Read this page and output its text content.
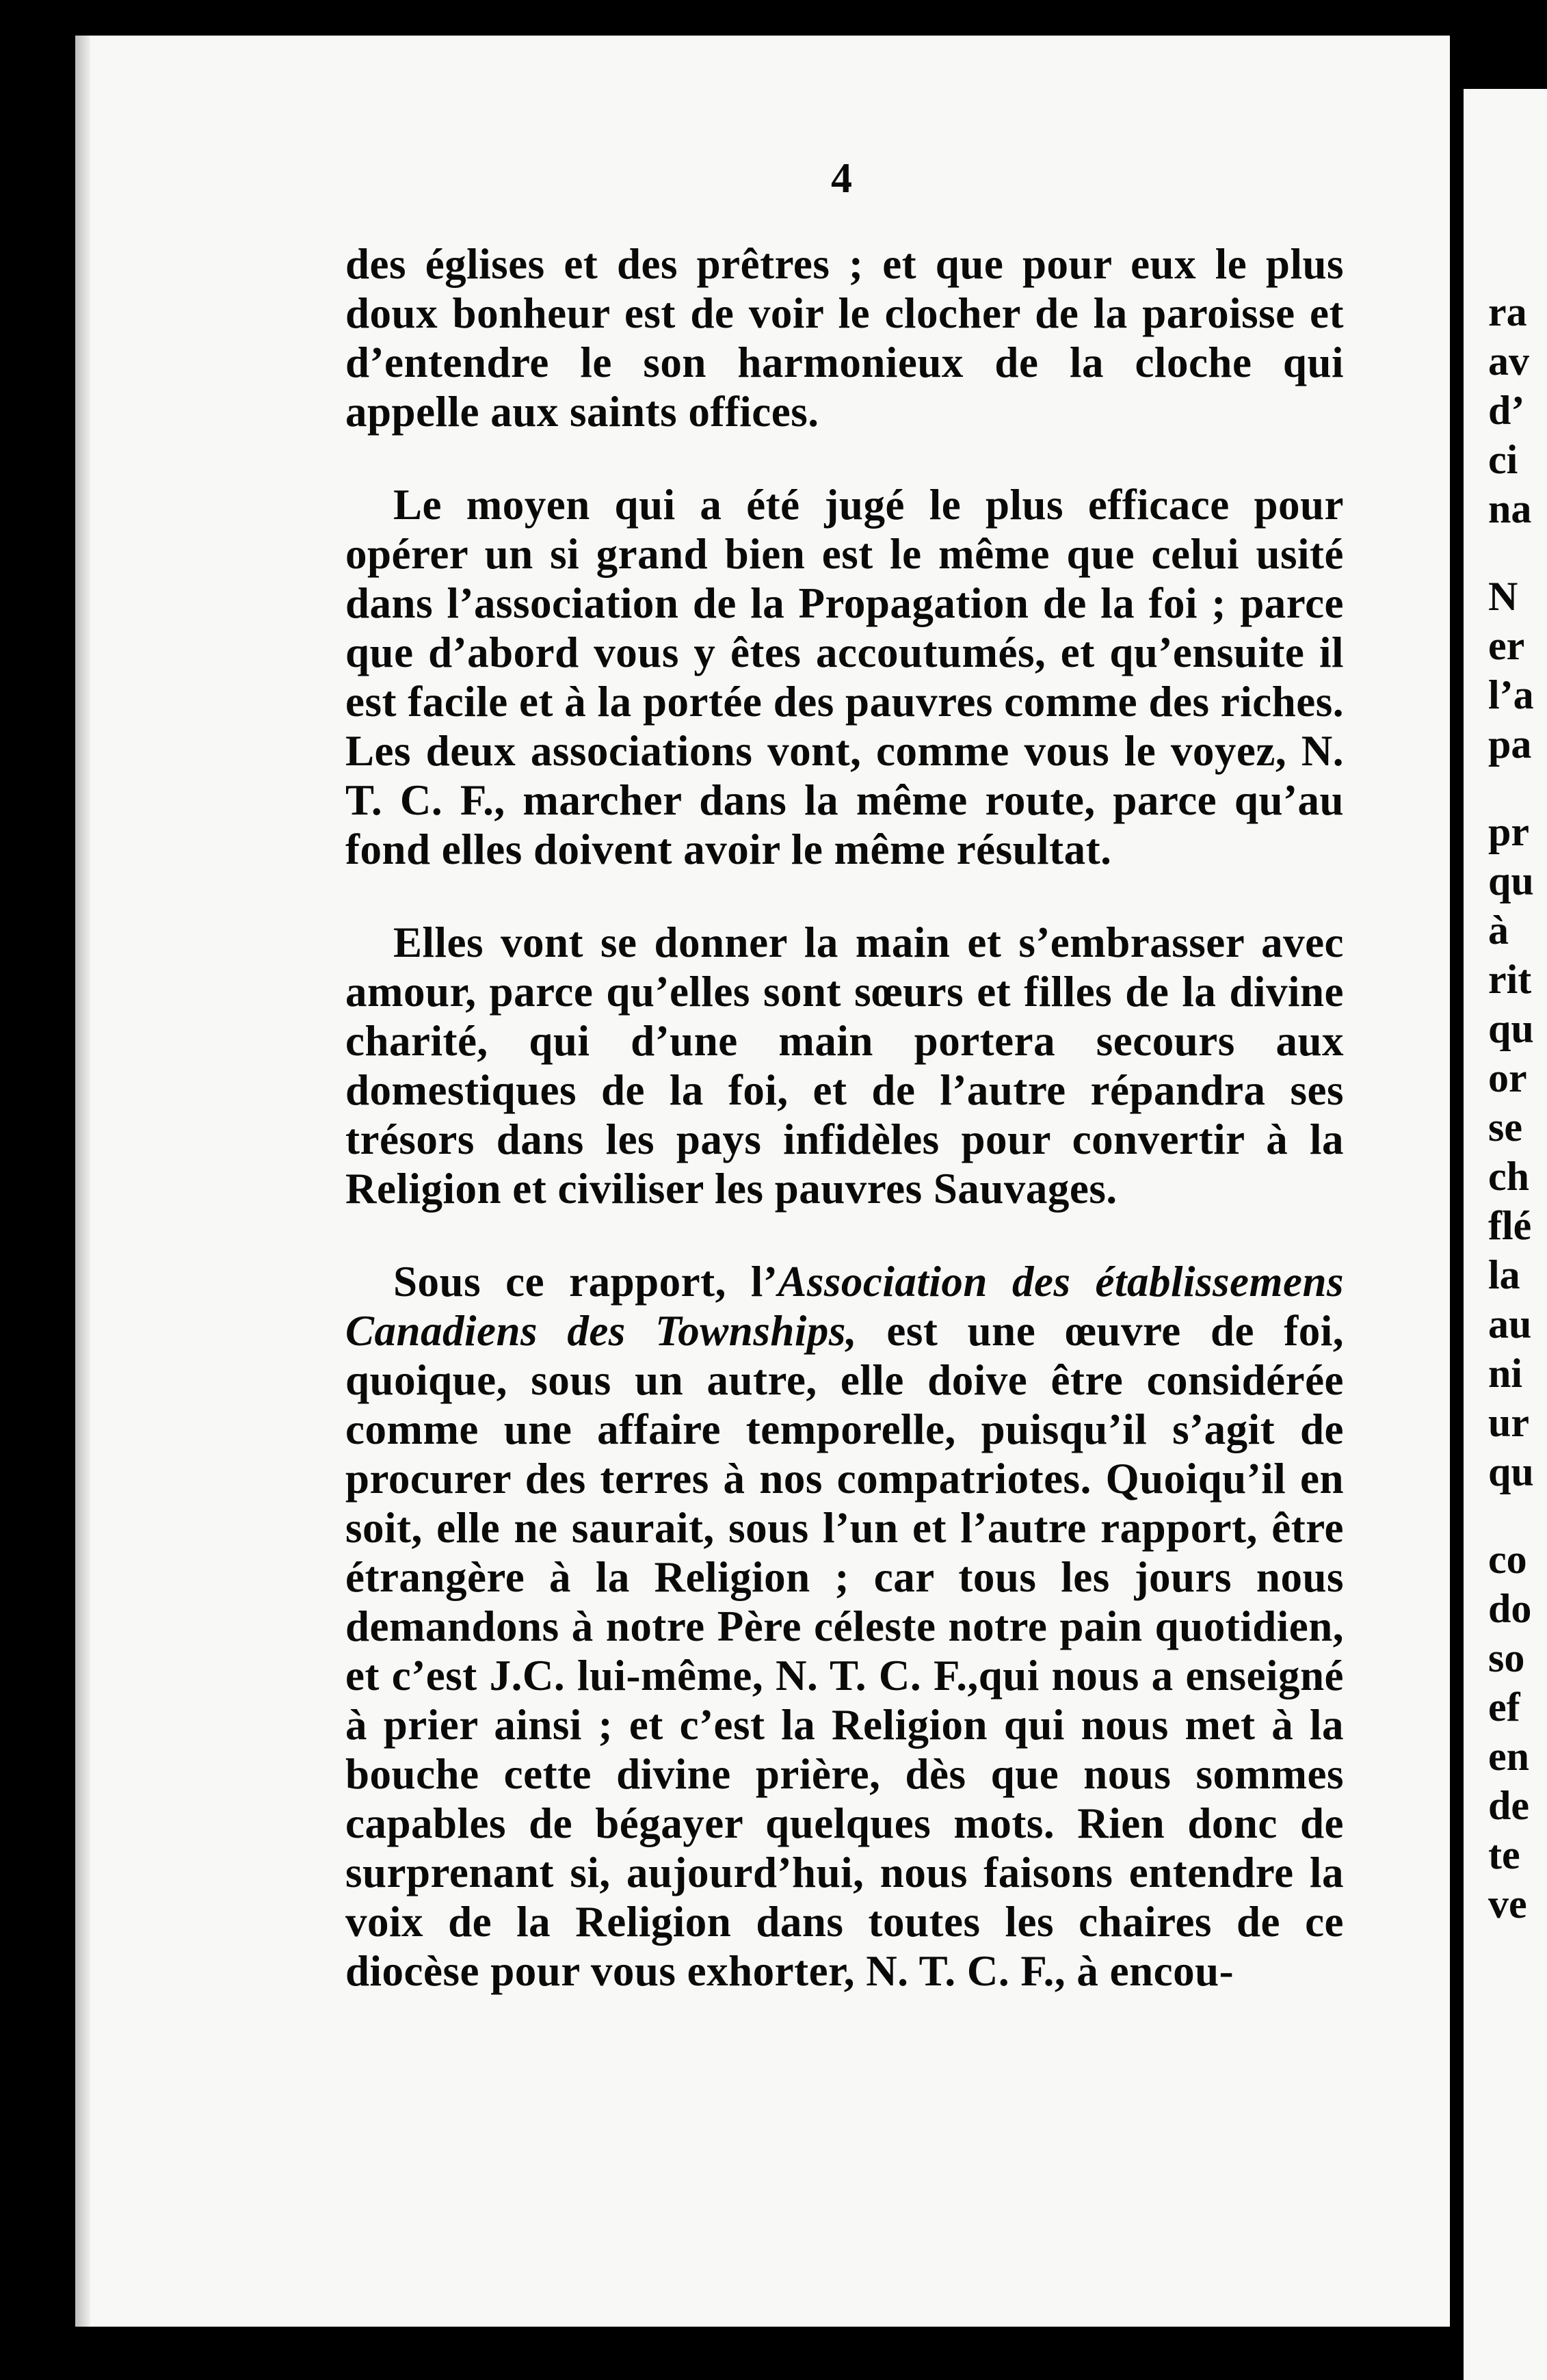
4

des églises et des prêtres ; et que pour eux le plus doux bonheur est de voir le clocher de la paroisse et d’entendre le son harmonieux de la cloche qui appelle aux saints offices.

Le moyen qui a été jugé le plus efficace pour opérer un si grand bien est le même que celui usité dans l’association de la Propagation de la foi ; parce que d’abord vous y êtes accoutumés, et qu’ensuite il est facile et à la portée des pauvres comme des riches. Les deux associations vont, comme vous le voyez, N. T. C. F., marcher dans la même route, parce qu’au fond elles doivent avoir le même résultat.

Elles vont se donner la main et s’embrasser avec amour, parce qu’elles sont sœurs et filles de la divine charité, qui d’une main portera secours aux domestiques de la foi, et de l’autre répandra ses trésors dans les pays infidèles pour convertir à la Religion et civiliser les pauvres Sauvages.

Sous ce rapport, l’Association des établissemens Canadiens des Townships, est une œuvre de foi, quoique, sous un autre, elle doive être considérée comme une affaire temporelle, puisqu’il s’agit de procurer des terres à nos compatriotes. Quoiqu’il en soit, elle ne saurait, sous l’un et l’autre rapport, être étrangère à la Religion ; car tous les jours nous demandons à notre Père céleste notre pain quotidien, et c’est J.C. lui-même, N. T. C. F.,qui nous a enseigné à prier ainsi ; et c’est la Religion qui nous met à la bouche cette divine prière, dès que nous sommes capables de bégayer quelques mots. Rien donc de surprenant si, aujourd’hui, nous faisons entendre la voix de la Religion dans toutes les chaires de ce diocèse pour vous exhorter, N. T. C. F., à encou-

ra
av
d’
ci
na
N
er
l’a
pa
pr
qu
à
rit
qu
or
se
ch
flé
la
au
ni
ur
qu
co
do
so
ef
en
de
te
ve
